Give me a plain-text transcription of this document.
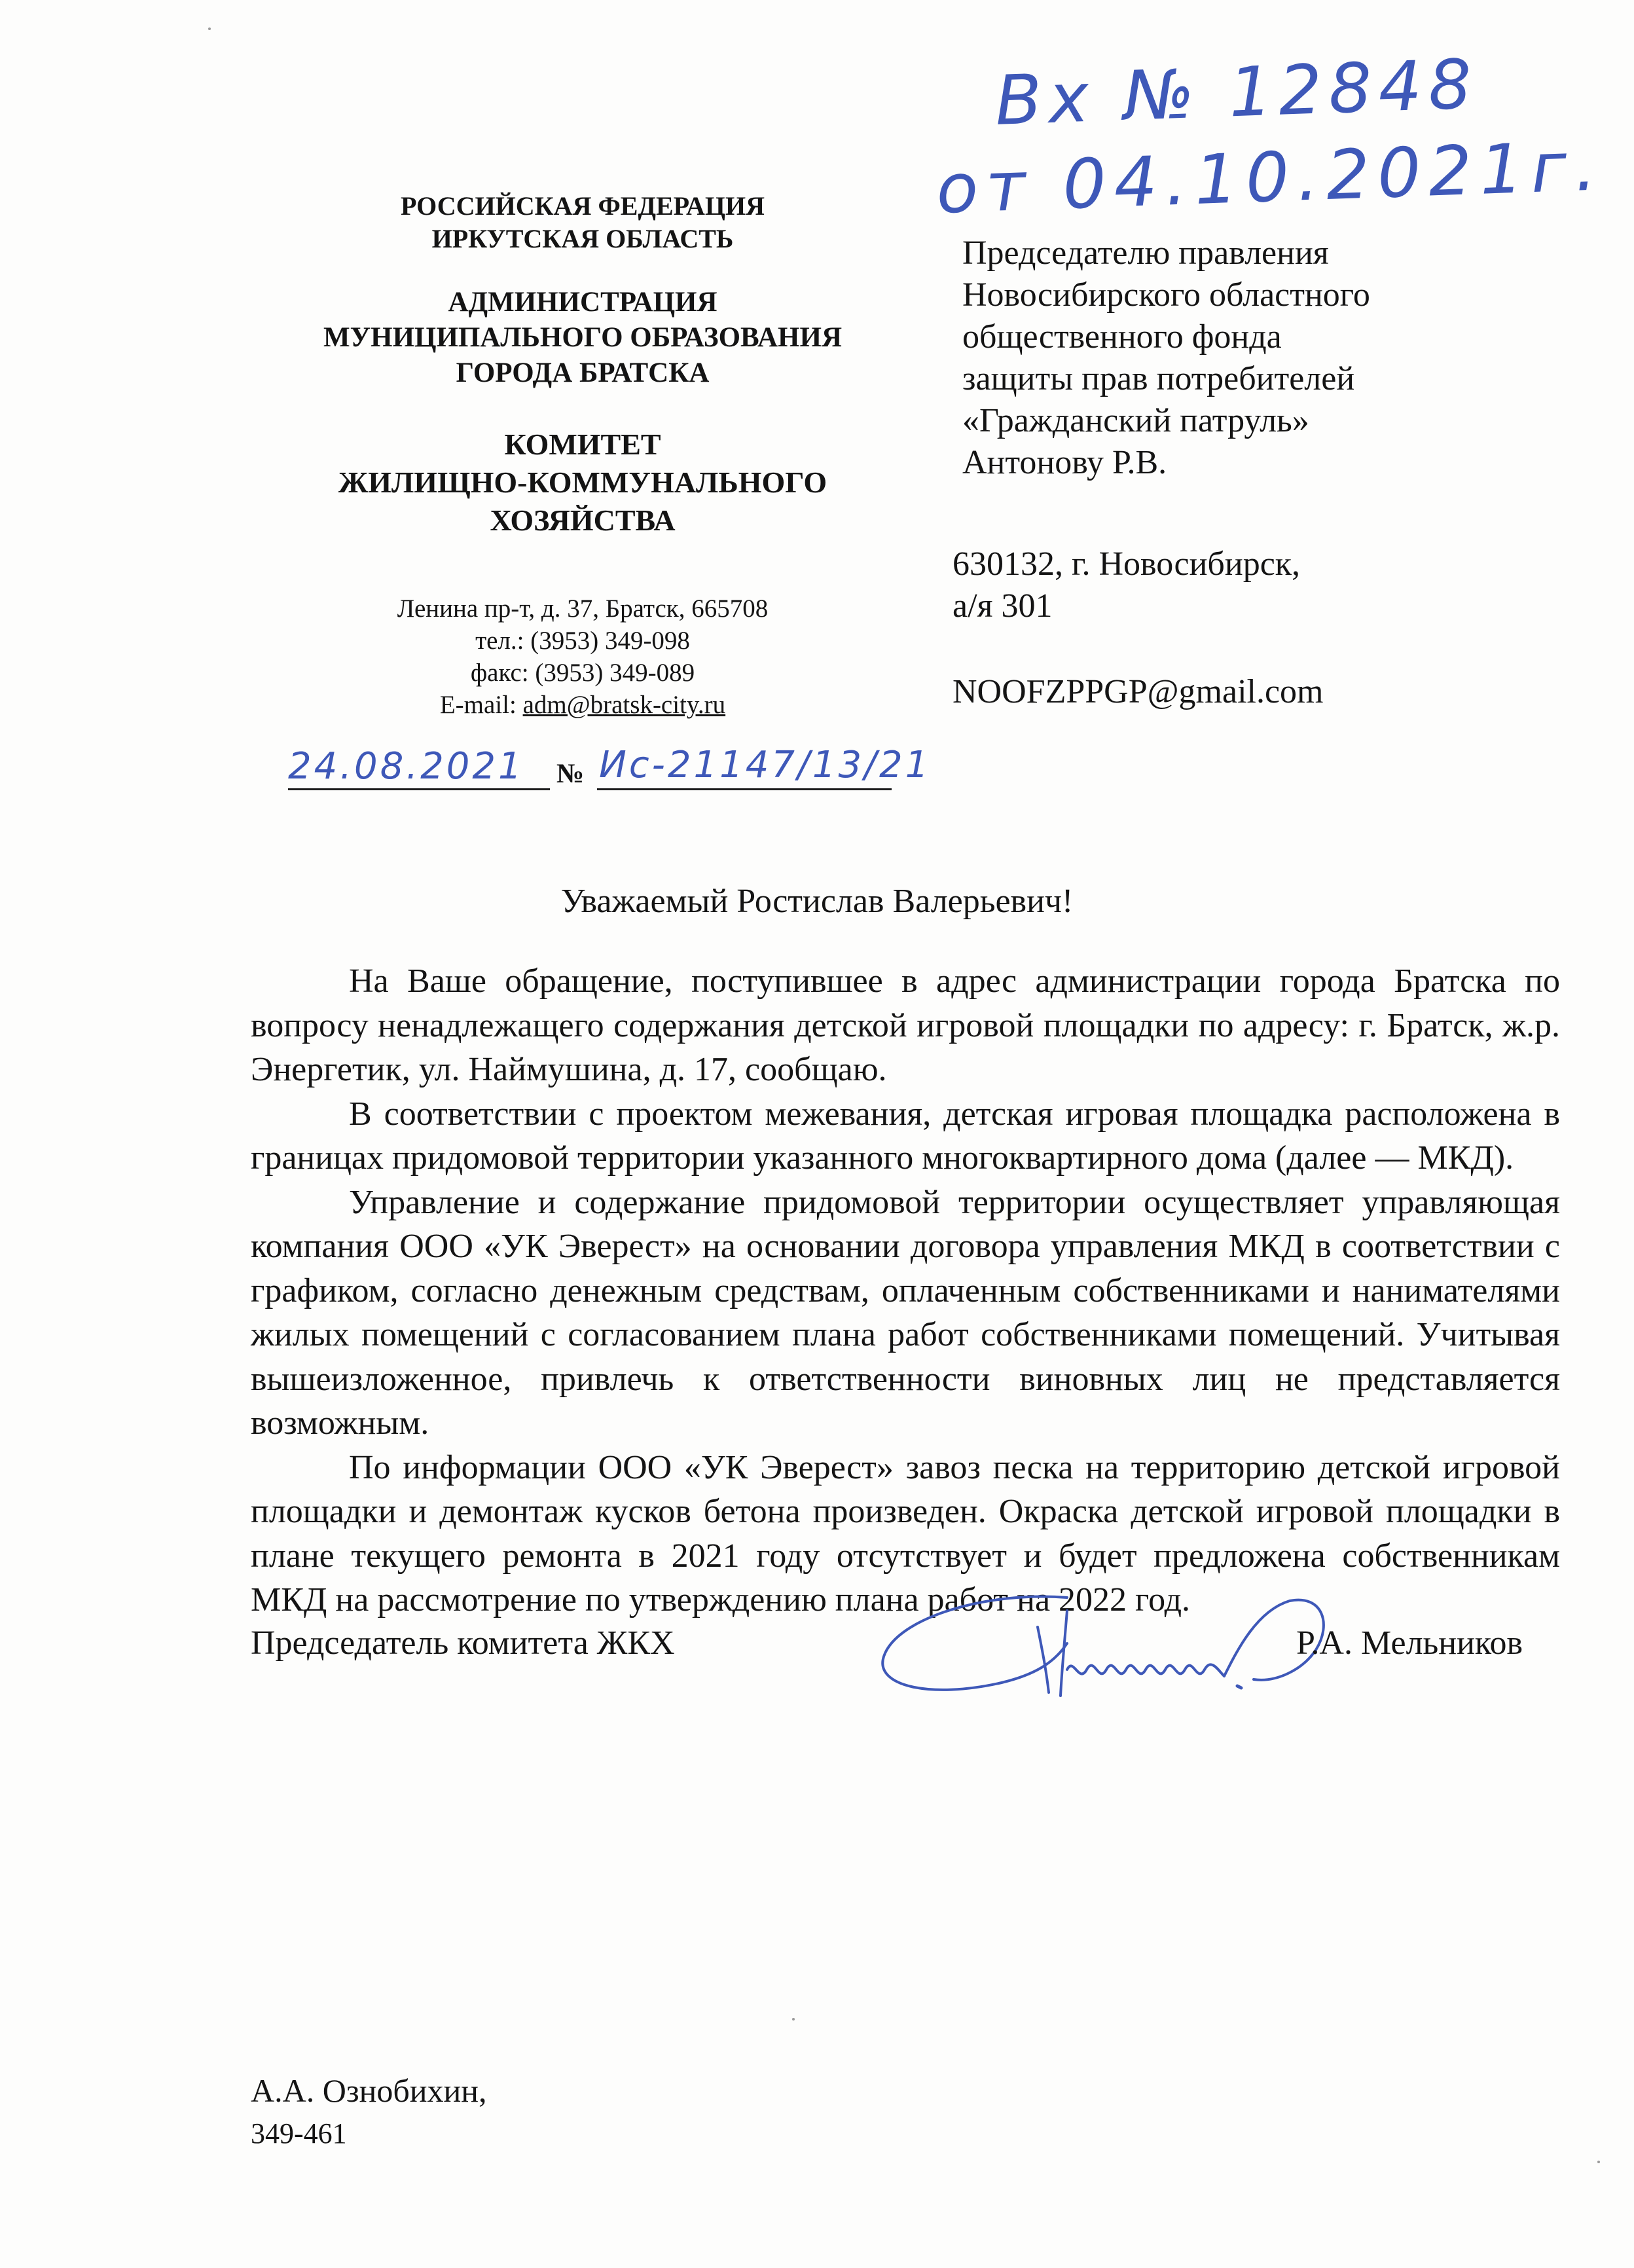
Вх № 12848
от 04.10.2021г.
РОССИЙСКАЯ ФЕДЕРАЦИЯ
ИРКУТСКАЯ ОБЛАСТЬ
АДМИНИСТРАЦИЯ
МУНИЦИПАЛЬНОГО ОБРАЗОВАНИЯ
ГОРОДА БРАТСКА
КОМИТЕТ
ЖИЛИЩНО-КОММУНАЛЬНОГО
ХОЗЯЙСТВА
Ленина пр-т, д. 37, Братск, 665708
тел.: (3953) 349-098
факс: (3953) 349-089
E-mail: adm@bratsk-city.ru
№
24.08.2021 Ис-21147/13/21
Председателю правления
Новосибирского областного
общественного фонда
защиты прав потребителей
«Гражданский патруль»
Антонову Р.В.
630132, г. Новосибирск,
а/я 301
NOOFZPPGP@gmail.com
Уважаемый Ростислав Валерьевич!

На Ваше обращение, поступившее в адрес администрации города Братска по вопросу ненадлежащего содержания детской игровой площадки по адресу: г. Братск, ж.р. Энергетик, ул. Наймушина, д. 17, сообщаю.

В соответствии с проектом межевания, детская игровая площадка расположена в границах придомовой территории указанного многоквартирного дома (далее — МКД).

Управление и содержание придомовой территории осуществляет управляющая компания ООО «УК Эверест» на основании договора управления МКД в соответствии с графиком, согласно денежным средствам, оплаченным собственниками и нанимателями жилых помещений с согласованием плана работ собственниками помещений. Учитывая вышеизложенное, привлечь к ответственности виновных лиц не представляется возможным.

По информации ООО «УК Эверест» завоз песка на территорию детской игровой площадки и демонтаж кусков бетона произведен. Окраска детской игровой площадки в плане текущего ремонта в 2021 году отсутствует и будет предложена собственникам МКД на рассмотрение по утверждению плана работ на 2022 год.

Председатель комитета ЖКХ	Р.А. Мельников
А.А. Ознобихин,
349-461
